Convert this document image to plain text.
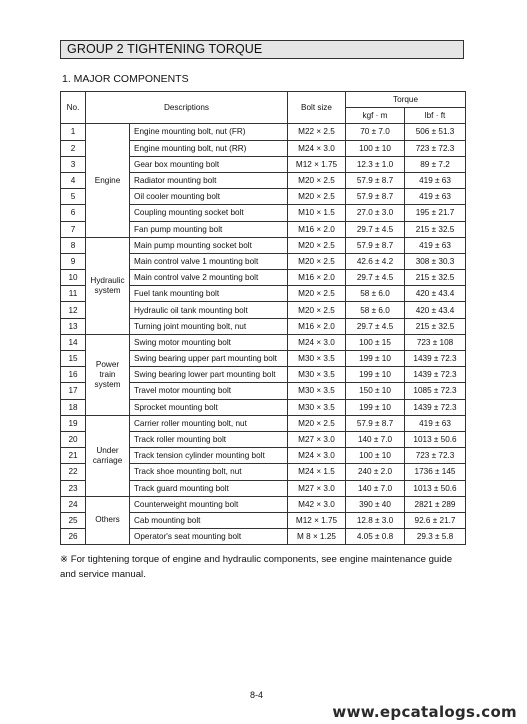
GROUP 2 TIGHTENING TORQUE
1. MAJOR COMPONENTS
No.	Descriptions		Bolt size	Torque	
				kgf · m	lbf · ft
1	Engine	Engine mounting bolt, nut (FR)	M22 × 2.5	70 ± 7.0	506 ± 51.3
2		Engine mounting bolt, nut (RR)	M24 × 3.0	100 ± 10	723 ± 72.3
3		Gear box mounting bolt	M12 × 1.75	12.3 ± 1.0	89 ± 7.2
4		Radiator mounting bolt	M20 × 2.5	57.9 ± 8.7	419 ± 63
5		Oil cooler mounting bolt	M20 × 2.5	57.9 ± 8.7	419 ± 63
6		Coupling mounting socket bolt	M10 × 1.5	27.0 ± 3.0	195 ± 21.7
7		Fan pump mounting bolt	M16 × 2.0	29.7 ± 4.5	215 ± 32.5
8	Hydraulic system	Main pump mounting socket bolt	M20 × 2.5	57.9 ± 8.7	419 ± 63
9		Main control valve 1 mounting bolt	M20 × 2.5	42.6 ± 4.2	308 ± 30.3
10		Main control valve 2 mounting bolt	M16 × 2.0	29.7 ± 4.5	215 ± 32.5
11		Fuel tank mounting bolt	M20 × 2.5	58 ± 6.0	420 ± 43.4
12		Hydraulic oil tank mounting bolt	M20 × 2.5	58 ± 6.0	420 ± 43.4
13		Turning joint mounting bolt, nut	M16 × 2.0	29.7 ± 4.5	215 ± 32.5
14	Power train system	Swing motor mounting bolt	M24 × 3.0	100 ± 15	723 ± 108
15		Swing bearing upper part mounting bolt	M30 × 3.5	199 ± 10	1439 ± 72.3
16		Swing bearing lower part mounting bolt	M30 × 3.5	199 ± 10	1439 ± 72.3
17		Travel motor mounting bolt	M30 × 3.5	150 ± 10	1085 ± 72.3
18		Sprocket mounting bolt	M30 × 3.5	199 ± 10	1439 ± 72.3
19	Under carriage	Carrier roller mounting bolt, nut	M20 × 2.5	57.9 ± 8.7	419 ± 63
20		Track roller mounting bolt	M27 × 3.0	140 ± 7.0	1013 ± 50.6
21		Track tension cylinder mounting bolt	M24 × 3.0	100 ± 10	723 ± 72.3
22		Track shoe mounting bolt, nut	M24 × 1.5	240 ± 2.0	1736 ± 145
23		Track guard mounting bolt	M27 × 3.0	140 ± 7.0	1013 ± 50.6
24	Others	Counterweight mounting bolt	M42 × 3.0	390 ± 40	2821 ± 289
25		Cab mounting bolt	M12 × 1.75	12.8 ± 3.0	92.6 ± 21.7
26		Operator's seat mounting bolt	M 8 × 1.25	4.05 ± 0.8	29.3 ± 5.8
※ For tightening torque of engine and hydraulic components, see engine maintenance guide and service manual.
8-4
www.epcatalogs.com
